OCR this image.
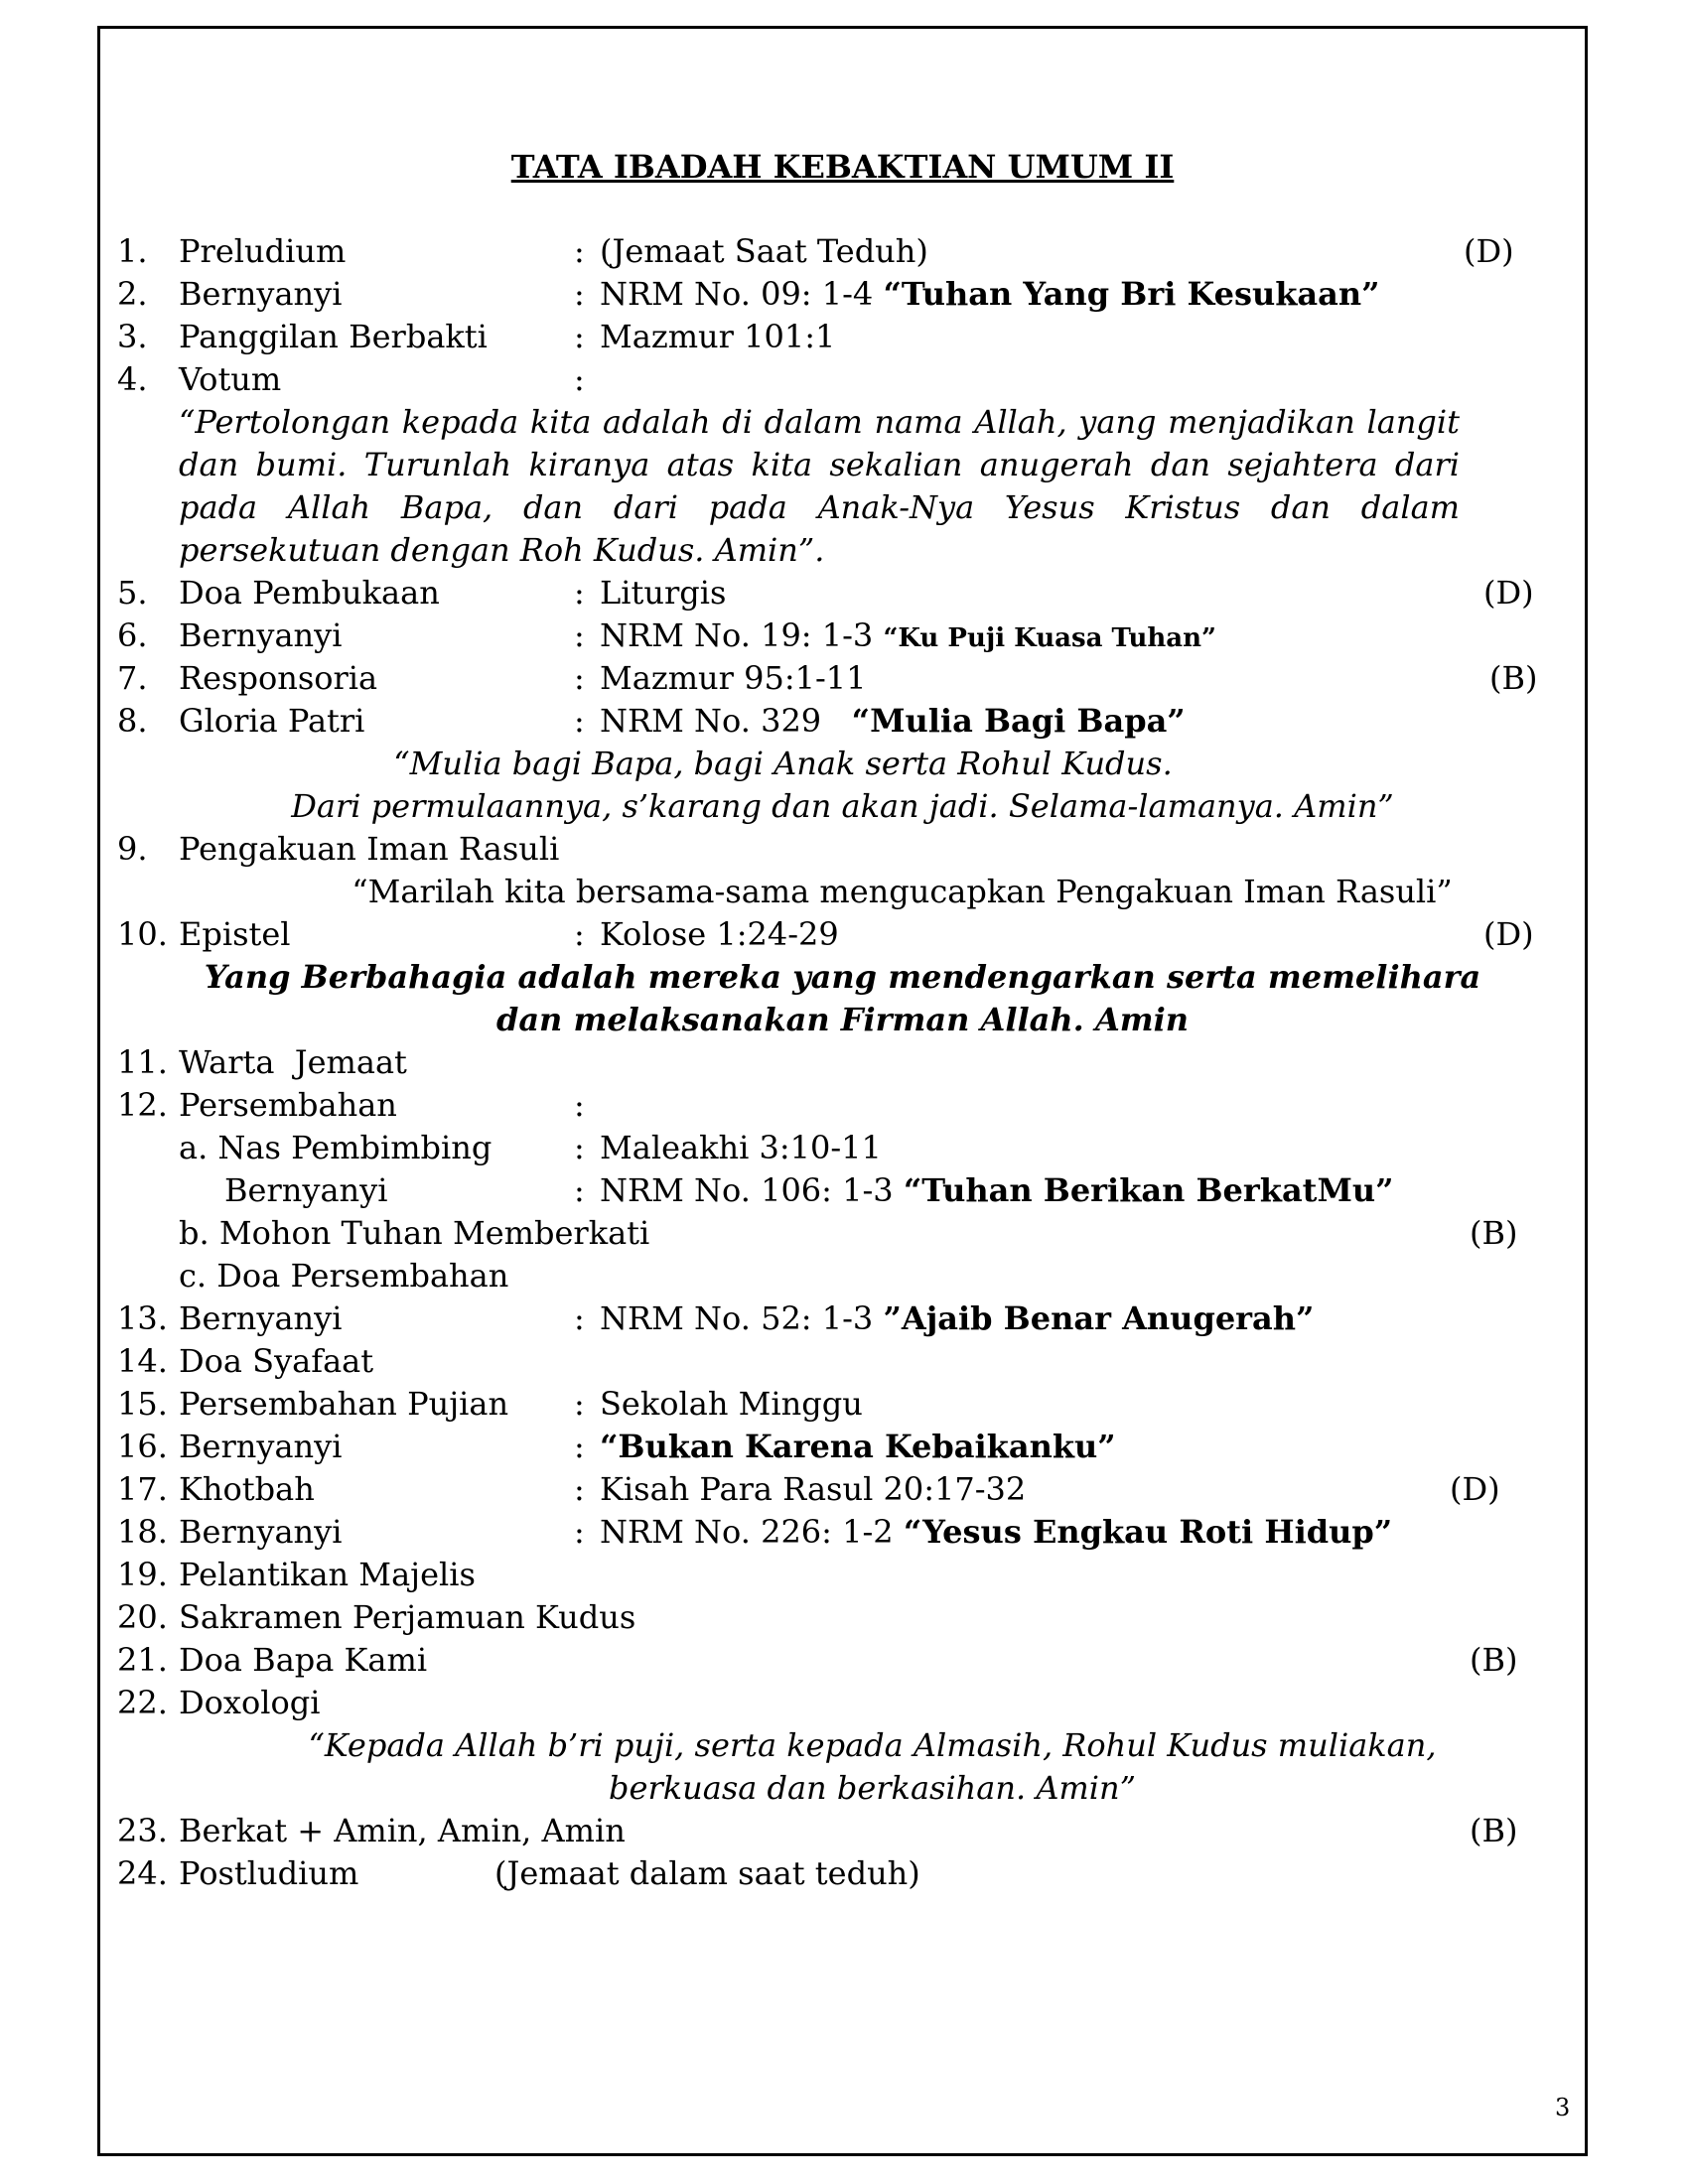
TATA IBADAH KEBAKTIAN UMUM II
1. Preludium	: (Jemaat Saat Teduh)	(D)
2. Bernyanyi	: NRM No. 09: 1-4 “Tuhan Yang Bri Kesukaan”
3. Panggilan Berbakti	: Mazmur 101:1
4. Votum	:
“Pertolongan kepada kita adalah di dalam nama Allah, yang menjadikan langit dan bumi. Turunlah kiranya atas kita sekalian anugerah dan sejahtera dari pada Allah Bapa, dan dari pada Anak-Nya Yesus Kristus dan dalam persekutuan dengan Roh Kudus. Amin”.
5. Doa Pembukaan	: Liturgis	(D)
6. Bernyanyi	: NRM No. 19: 1-3 “Ku Puji Kuasa Tuhan”
7. Responsoria	: Mazmur 95:1-11	(B)
8. Gloria Patri	: NRM No. 329   “Mulia Bagi Bapa”
“Mulia bagi Bapa, bagi Anak serta Rohul Kudus.
Dari permulaannya, s’karang dan akan jadi. Selama-lamanya. Amin”
9. Pengakuan Iman Rasuli
“Marilah kita bersama-sama mengucapkan Pengakuan Iman Rasuli”
10. Epistel	: Kolose 1:24-29	(D)
Yang Berbahagia adalah mereka yang mendengarkan serta memelihara
dan melaksanakan Firman Allah. Amin
11. Warta  Jemaat
12. Persembahan	:
a. Nas Pembimbing	: Maleakhi 3:10-11
Bernyanyi	: NRM No. 106: 1-3 “Tuhan Berikan BerkatMu”
b. Mohon Tuhan Memberkati	(B)
c. Doa Persembahan
13. Bernyanyi	: NRM No. 52: 1-3 ”Ajaib Benar Anugerah”
14. Doa Syafaat
15. Persembahan Pujian : Sekolah Minggu
16. Bernyanyi	: “Bukan Karena Kebaikanku”
17. Khotbah	: Kisah Para Rasul 20:17-32	(D)
18. Bernyanyi	: NRM No. 226: 1-2 “Yesus Engkau Roti Hidup”
19. Pelantikan Majelis
20. Sakramen Perjamuan Kudus
21. Doa Bapa Kami	(B)
22. Doxologi
“Kepada Allah b’ri puji, serta kepada Almasih, Rohul Kudus muliakan,
berkuasa dan berkasihan. Amin”
23. Berkat + Amin, Amin, Amin	(B)
24. Postludium	(Jemaat dalam saat teduh)
3
